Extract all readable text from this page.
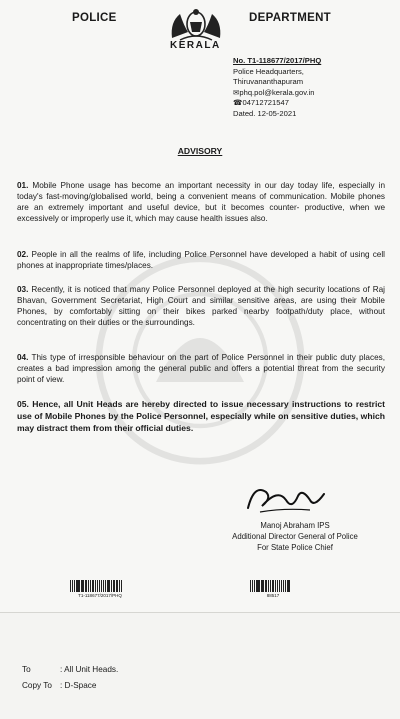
POLICE	DEPARTMENT
KERALA
No. T1-118677/2017/PHQ
Police Headquarters,
Thiruvananthapuram
✉phq.pol@kerala.gov.in
☎04712721547
Dated. 12-05-2021
ADVISORY
01. Mobile Phone usage has become an important necessity in our day today life, especially in today's fast-moving/globalised world, being a convenient means of communication. Mobile phones are an extremely important and useful device, but it becomes counter- productive, when we excessively or improperly use it, which may cause health issues also.
02. People in all the realms of life, including Police Personnel have developed a habit of using cell phones at inappropriate times/places.
03. Recently, it is noticed that many Police Personnel deployed at the high security locations of Raj Bhavan, Government Secretariat, High Court and similar sensitive areas, are using their Mobile Phones, by comfortably sitting on their bikes parked nearby footpath/duty place, without concentrating on their duties or the surroundings.
04. This type of irresponsible behaviour on the part of Police Personnel in their public duty places, creates a bad impression among the general public and offers a potential threat from the security point of view.
05. Hence, all Unit Heads are hereby directed to issue necessary instructions to restrict use of Mobile Phones by the Police Personnel, especially while on sensitive duties, which may distract them from their official duties.
Manoj Abraham IPS
Additional Director General of Police
For State Police Chief
T1-118677/2017/PHQ	88517
To	: All Unit Heads.
Copy To : D-Space
